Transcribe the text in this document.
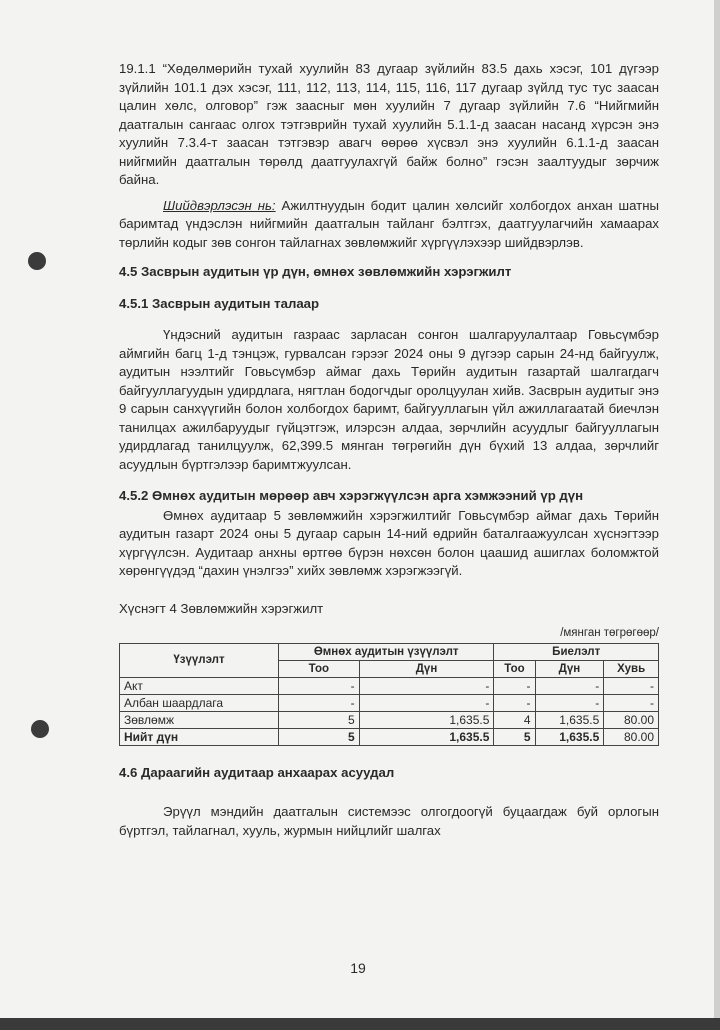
19.1.1 “Хөдөлмөрийн тухай хуулийн 83 дугаар зүйлийн 83.5 дахь хэсэг, 101 дүгээр зүйлийн 101.1 дэх хэсэг, 111, 112, 113, 114, 115, 116, 117 дугаар зүйлд тус тус заасан цалин хөлс, олговор” гэж заасныг мөн хуулийн 7 дугаар зүйлийн 7.6 “Нийгмийн даатгалын сангаас олгох тэтгэврийн тухай хуулийн 5.1.1-д заасан насанд хүрсэн энэ хуулийн 7.3.4-т заасан тэтгэвэр авагч өөрөө хүсвэл энэ хуулийн 6.1.1-д заасан нийгмийн даатгалын төрөлд даатгуулахгүй байж болно” гэсэн заалтуудыг зөрчиж байна.

Шийдвэрлэсэн нь: Ажилтнуудын бодит цалин хөлсийг холбогдох анхан шатны баримтад үндэслэн нийгмийн даатгалын тайланг бэлтгэх, даатгуулагчийн хамаарах төрлийн кодыг зөв сонгон тайлагнах зөвлөмжийг хүргүүлэхээр шийдвэрлэв.

4.5 Засврын аудитын үр дүн, өмнөх зөвлөмжийн хэрэгжилт

4.5.1 Засврын аудитын талаар

Үндэсний аудитын газраас зарласан сонгон шалгаруулалтаар Говьсүмбэр аймгийн багц 1-д тэнцэж, гурвалсан гэрээг 2024 оны 9 дүгээр сарын 24-нд байгуулж, аудитын нээлтийг Говьсүмбэр аймаг дахь Төрийн аудитын газартай шалгагдагч байгууллагуудын удирдлага, нягтлан бодогчдыг оролцуулан хийв. Засврын аудитыг энэ 9 сарын санхүүгийн болон холбогдох баримт, байгууллагын үйл ажиллагаатай биечлэн танилцах ажилбаруудыг гүйцэтгэж, илэрсэн алдаа, зөрчлийн асуудлыг байгууллагын удирдлагад танилцуулж, 62,399.5 мянган төгрөгийн дүн бүхий 13 алдаа, зөрчлийг асуудлын бүртгэлээр баримтжуулсан.

4.5.2 Өмнөх аудитын мөрөөр авч хэрэгжүүлсэн арга хэмжээний үр дүн

Өмнөх аудитаар 5 зөвлөмжийн хэрэгжилтийг Говьсүмбэр аймаг дахь Төрийн аудитын газарт 2024 оны 5 дугаар сарын 14-ний өдрийн баталгаажуулсан хүснэгтээр хүргүүлсэн. Аудитаар анхны өртгөө бүрэн нөхсөн болон цаашид ашиглах боломжтой хөрөнгүүдэд “дахин үнэлгээ” хийх зөвлөмж хэрэгжээгүй.

Хүснэгт 4 Зөвлөмжийн хэрэгжилт

/мянган төгрөгөөр/
Үзүүлэлт	Өмнөх аудитын үзүүлэлт		Биелэлт		
	Тоо	Дүн	Тоо	Дүн	Хувь
Акт	-	-	-	-	-
Албан шаардлага	-	-	-	-	-
Зөвлөмж	5	1,635.5	4	1,635.5	80.00
Нийт дүн	5	1,635.5	5	1,635.5	80.00

4.6 Дараагийн аудитаар анхаарах асуудал

Эрүүл мэндийн даатгалын системээс олгогдоогүй буцаагдаж буй орлогын бүртгэл, тайлагнал, хууль, журмын нийцлийг шалгах

19
